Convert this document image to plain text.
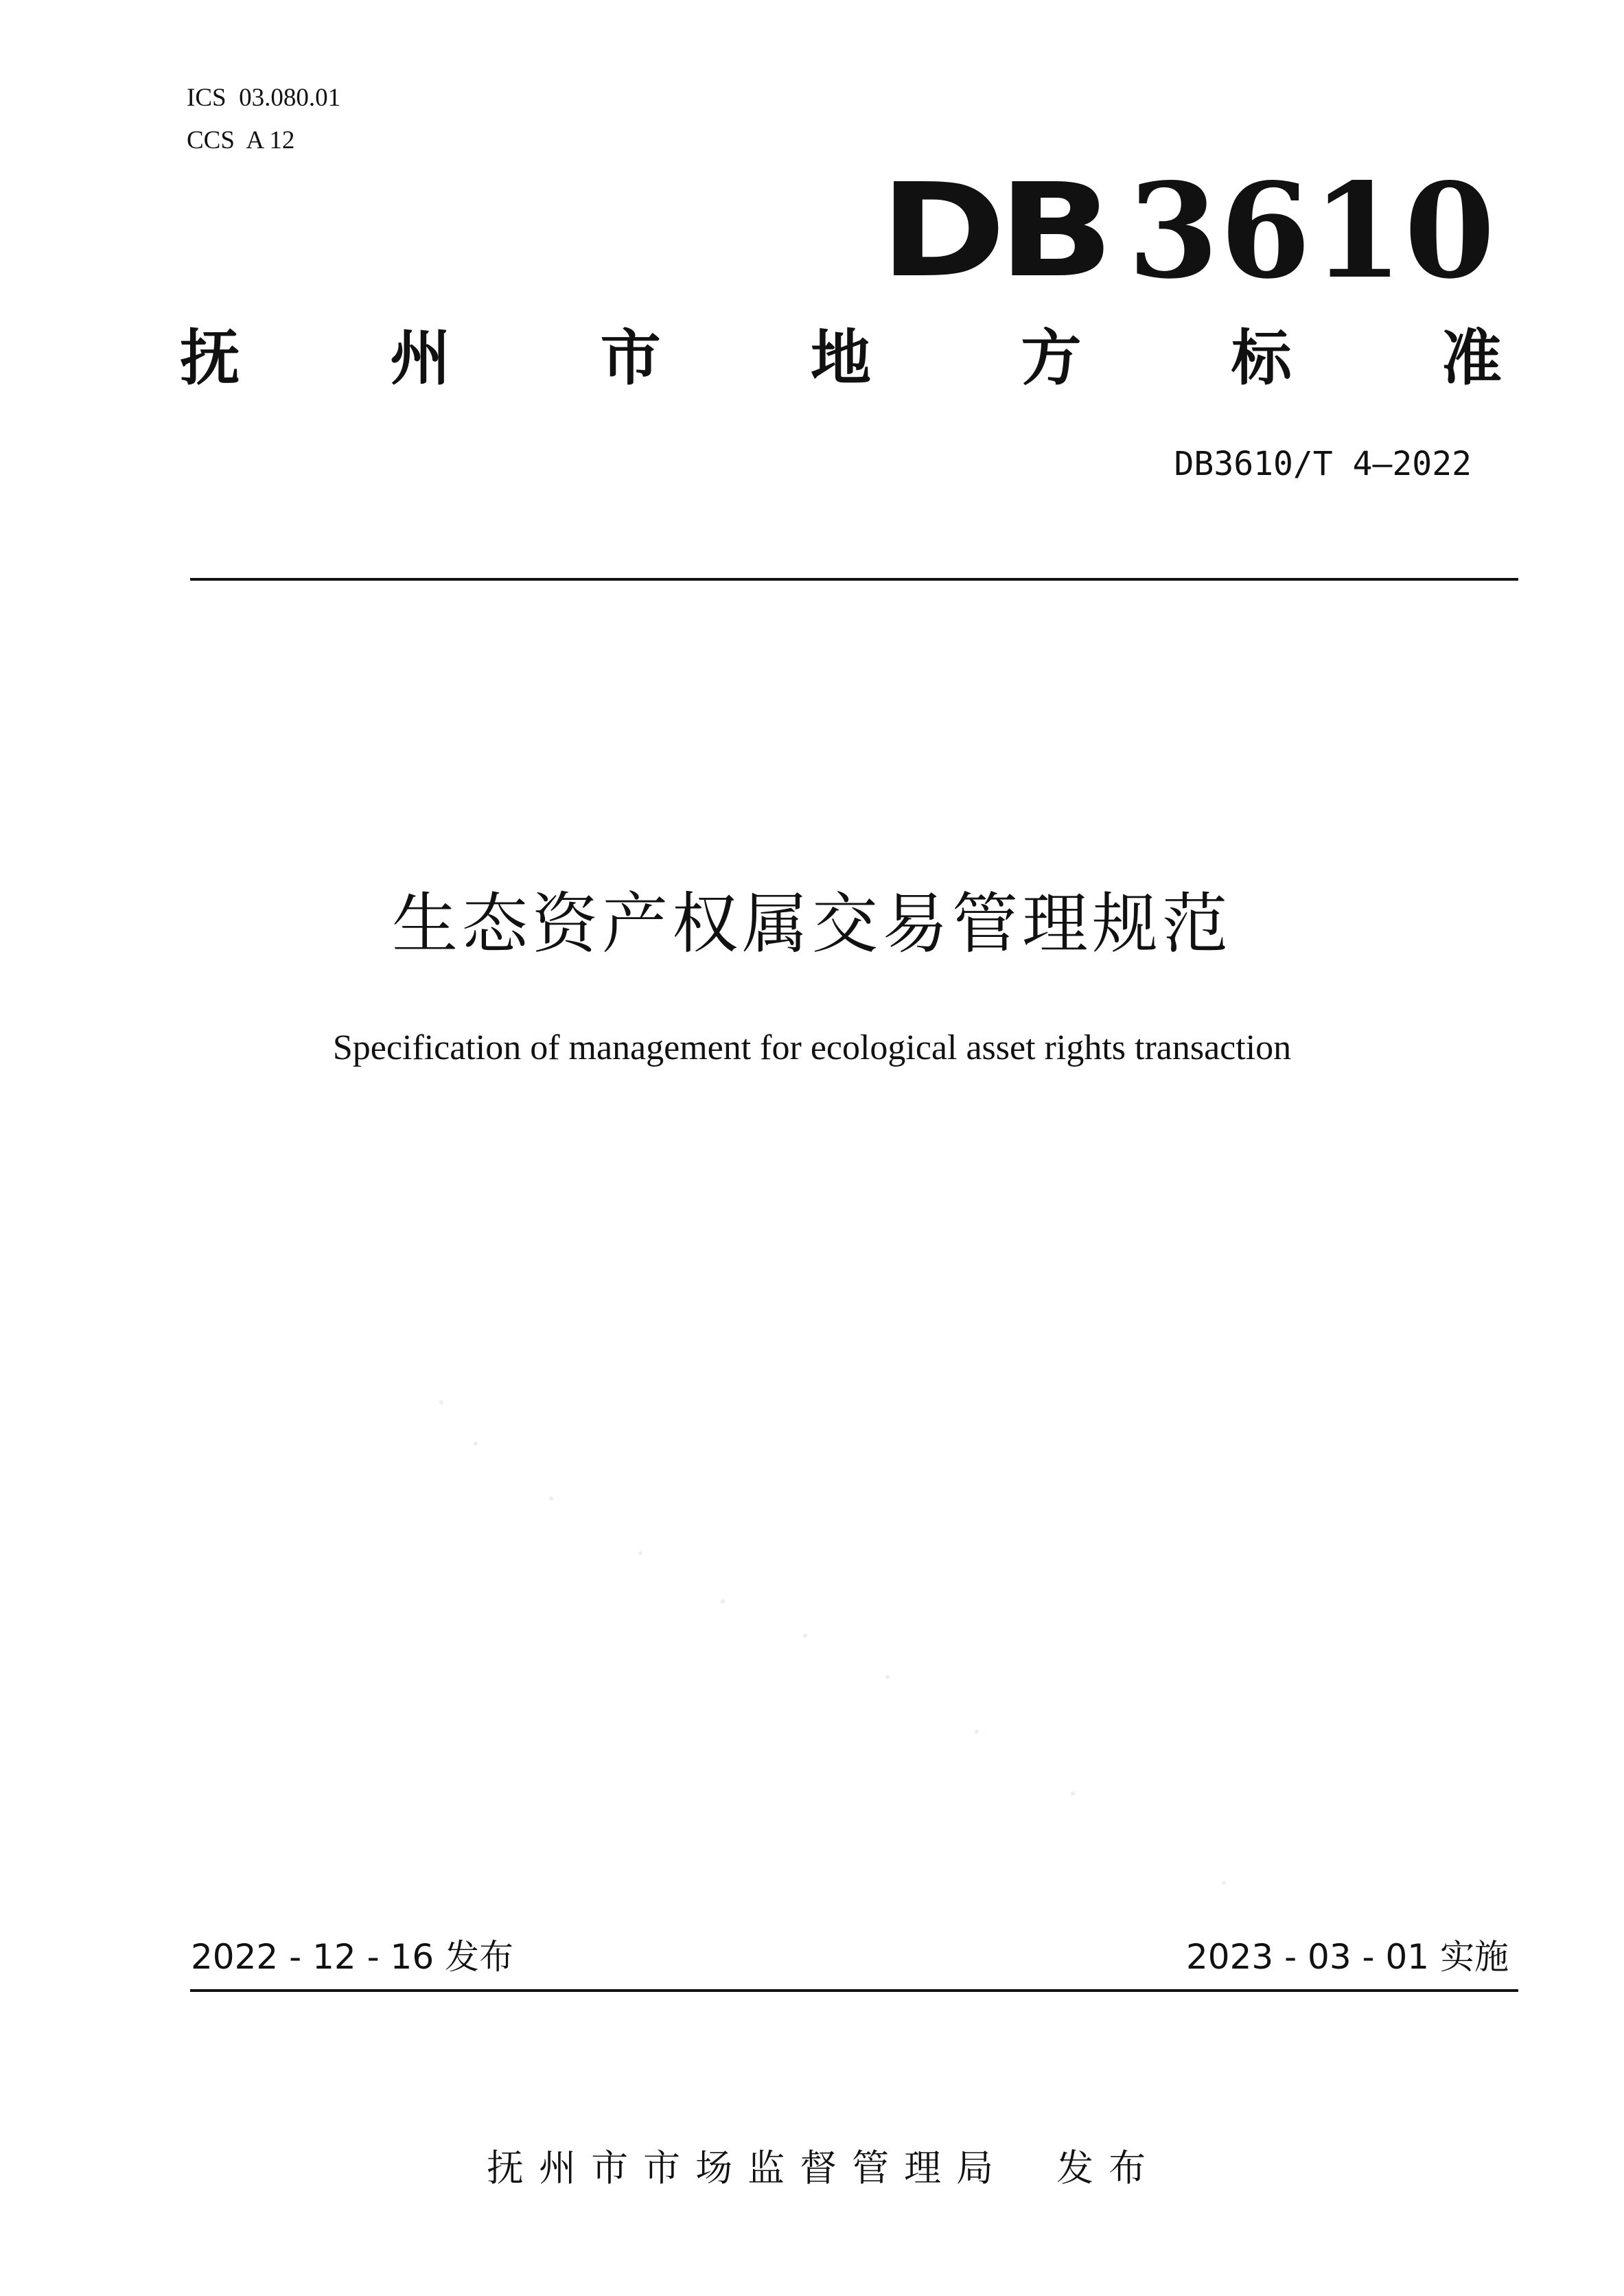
ICS  03.080.01
CCS  A 12
DB 3610
抚 州 市 地 方 标 准
DB3610/T 4—2022
生态资产权属交易管理规范
Specification of management for ecological asset rights transaction
2022 - 12 - 16 发布	2023 - 03 - 01 实施

抚州市市场监督管理局 发布
